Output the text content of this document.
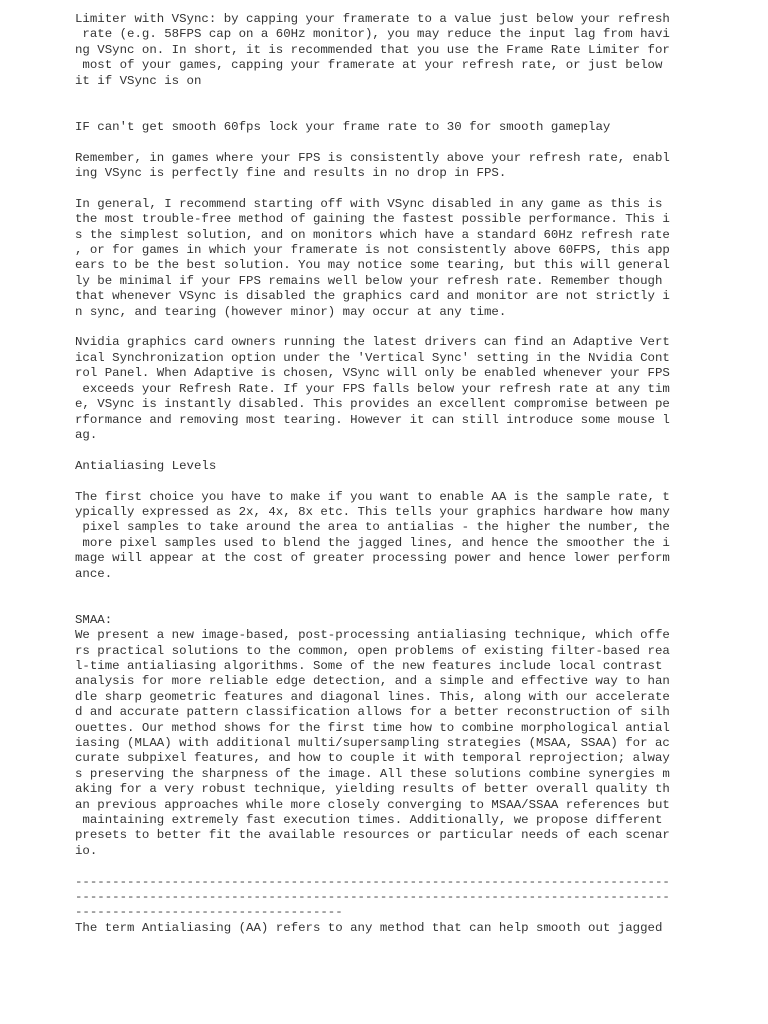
Limiter with VSync: by capping your framerate to a value just below your refresh
rate (e.g. 58FPS cap on a 60Hz monitor), you may reduce the input lag from havi
ng VSync on. In short, it is recommended that you use the Frame Rate Limiter for
most of your games, capping your framerate at your refresh rate, or just below
it if VSync is on
IF can't get smooth 60fps lock your frame rate to 30 for smooth gameplay
Remember, in games where your FPS is consistently above your refresh rate, enabl
ing VSync is perfectly fine and results in no drop in FPS.
In general, I recommend starting off with VSync disabled in any game as this is
the most trouble-free method of gaining the fastest possible performance. This i
s the simplest solution, and on monitors which have a standard 60Hz refresh rate
, or for games in which your framerate is not consistently above 60FPS, this app
ears to be the best solution. You may notice some tearing, but this will general
ly be minimal if your FPS remains well below your refresh rate. Remember though
that whenever VSync is disabled the graphics card and monitor are not strictly i
n sync, and tearing (however minor) may occur at any time.
Nvidia graphics card owners running the latest drivers can find an Adaptive Vert
ical Synchronization option under the 'Vertical Sync' setting in the Nvidia Cont
rol Panel. When Adaptive is chosen, VSync will only be enabled whenever your FPS
exceeds your Refresh Rate. If your FPS falls below your refresh rate at any tim
e, VSync is instantly disabled. This provides an excellent compromise between pe
rformance and removing most tearing. However it can still introduce some mouse l
ag.
Antialiasing Levels
The first choice you have to make if you want to enable AA is the sample rate, t
ypically expressed as 2x, 4x, 8x etc. This tells your graphics hardware how many
pixel samples to take around the area to antialias - the higher the number, the
more pixel samples used to blend the jagged lines, and hence the smoother the i
mage will appear at the cost of greater processing power and hence lower perform
ance.
SMAA:
We present a new image-based, post-processing antialiasing technique, which offe
rs practical solutions to the common, open problems of existing filter-based rea
l-time antialiasing algorithms. Some of the new features include local contrast
analysis for more reliable edge detection, and a simple and effective way to han
dle sharp geometric features and diagonal lines. This, along with our accelerate
d and accurate pattern classification allows for a better reconstruction of silh
ouettes. Our method shows for the first time how to combine morphological antial
iasing (MLAA) with additional multi/supersampling strategies (MSAA, SSAA) for ac
curate subpixel features, and how to couple it with temporal reprojection; alway
s preserving the sharpness of the image. All these solutions combine synergies m
aking for a very robust technique, yielding results of better overall quality th
an previous approaches while more closely converging to MSAA/SSAA references but
maintaining extremely fast execution times. Additionally, we propose different
presets to better fit the available resources or particular needs of each scenar
io.
--------------------------------------------------------------------------------
--------------------------------------------------------------------------------
------------------------------------
The term Antialiasing (AA) refers to any method that can help smooth out jagged
